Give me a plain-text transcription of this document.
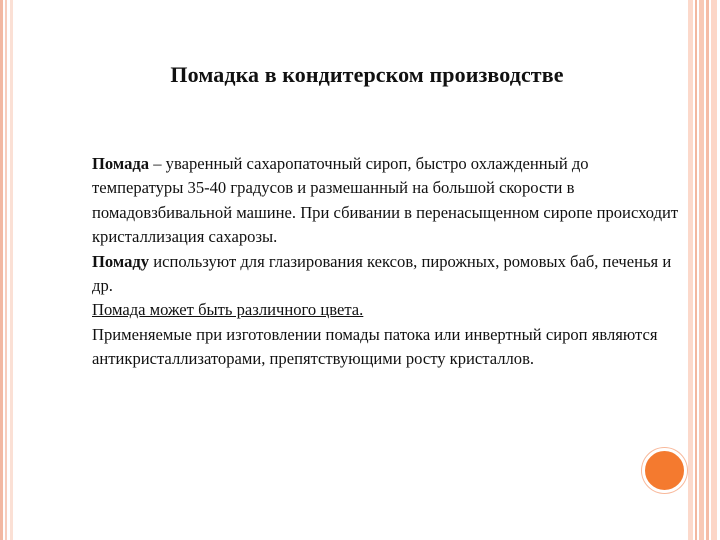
Помадка в кондитерском производстве

Помада – уваренный сахаропаточный сироп, быстро охлажденный до температуры 35-40 градусов и размешанный на большой скорости в помадовзбивальной машине. При сбивании в перенасыщенном сиропе происходит кристаллизация сахарозы.

Помаду используют для глазирования кексов, пирожных, ромовых баб, печенья и др.

Помада может быть различного цвета.

Применяемые при изготовлении помады патока или инвертный сироп являются антикристаллизаторами, препятствующими росту кристаллов.
